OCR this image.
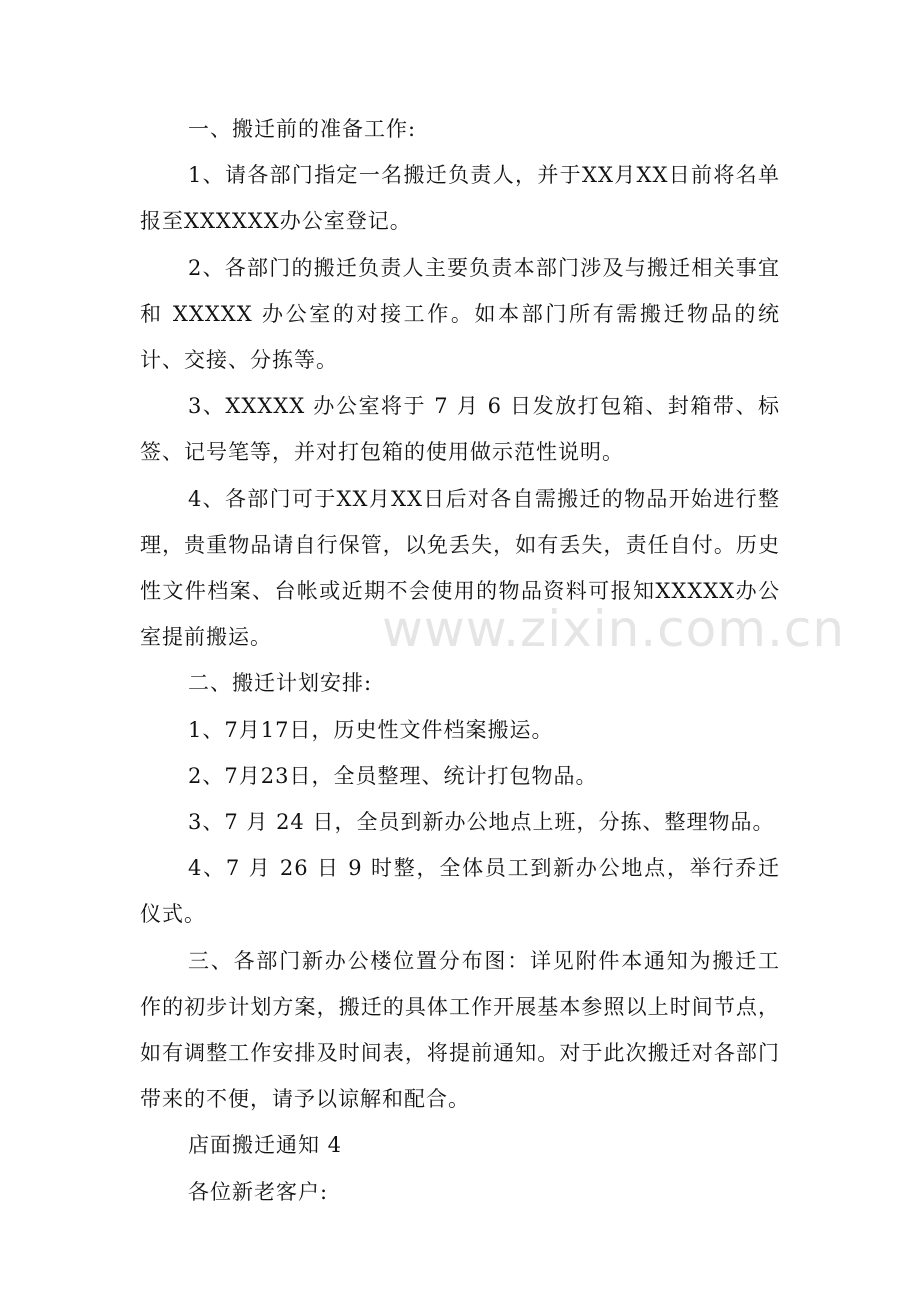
一、搬迁前的准备工作:

1、请各部门指定一名搬迁负责人，并于XX月XX日前将名单报至XXXXXX办公室登记。

2、各部门的搬迁负责人主要负责本部门涉及与搬迁相关事宜和 XXXXX 办公室的对接工作。如本部门所有需搬迁物品的统计、交接、分拣等。

3、XXXXX 办公室将于 7 月 6 日发放打包箱、封箱带、标签、记号笔等，并对打包箱的使用做示范性说明。

4、各部门可于XX月XX日后对各自需搬迁的物品开始进行整理，贵重物品请自行保管，以免丢失，如有丢失，责任自付。历史性文件档案、台帐或近期不会使用的物品资料可报知XXXXX办公室提前搬运。

二、搬迁计划安排:

1、7月17日，历史性文件档案搬运。

2、7月23日，全员整理、统计打包物品。

3、7 月 24 日，全员到新办公地点上班，分拣、整理物品。

4、7 月 26 日 9 时整，全体员工到新办公地点，举行乔迁仪式。

三、各部门新办公楼位置分布图：详见附件本通知为搬迁工作的初步计划方案，搬迁的具体工作开展基本参照以上时间节点，如有调整工作安排及时间表，将提前通知。对于此次搬迁对各部门带来的不便，请予以谅解和配合。

店面搬迁通知 4

各位新老客户:

www.zixin.com.cn
